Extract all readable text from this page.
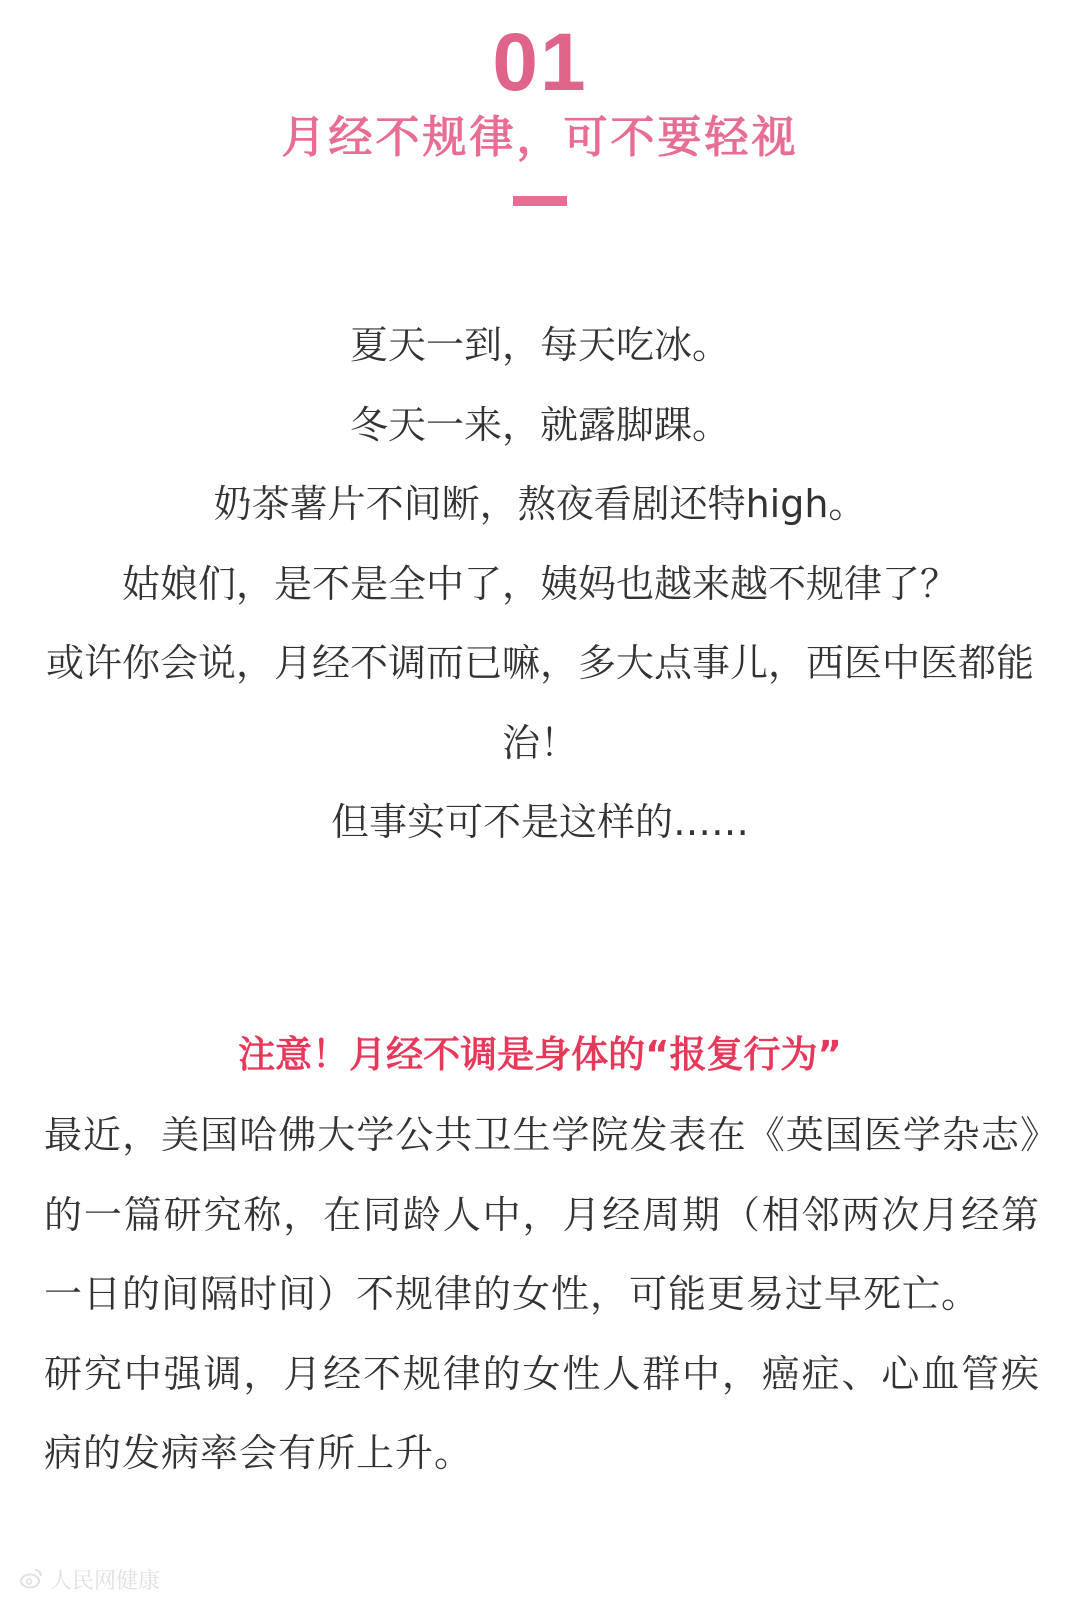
01
月经不规律，可不要轻视

夏天一到，每天吃冰。

冬天一来，就露脚踝。

奶茶薯片不间断，熬夜看剧还特high。

姑娘们，是不是全中了，姨妈也越来越不规律了？

或许你会说，月经不调而已嘛，多大点事儿，西医中医都能治！

但事实可不是这样的……

注意！月经不调是身体的“报复行为”

最近，美国哈佛大学公共卫生学院发表在《英国医学杂志》的一篇研究称，在同龄人中，月经周期（相邻两次月经第一日的间隔时间）不规律的女性，可能更易过早死亡。

研究中强调，月经不规律的女性人群中，癌症、心血管疾病的发病率会有所上升。

人民网健康
